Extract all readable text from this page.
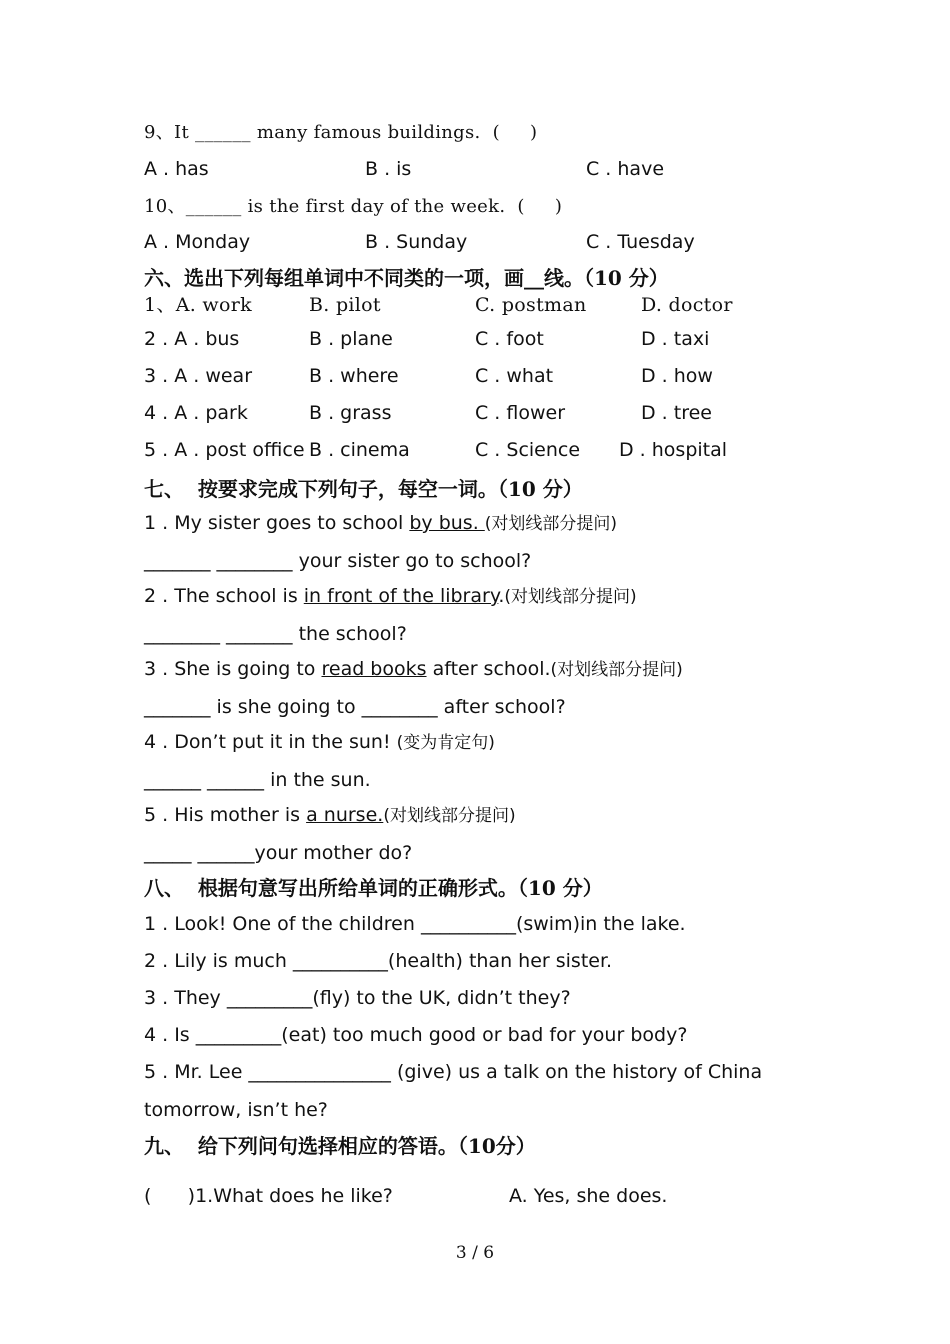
9、It ______ many famous buildings.  (     )
A . has	B . is	C . have
10、______ is the first day of the week.  (     )
A . Monday	B . Sunday	C . Tuesday
六、选出下列每组单词中不同类的一项，画__线。（10 分）
1、A. work	B. pilot	C. postman	D. doctor
2 . A . bus	B . plane	C . foot	D . taxi
3 . A . wear	B . where	C . what	D . how
4 . A . park	B . grass	C . flower	D . tree
5 . A . post office B . cinema	C . Science D . hospital
七、  按要求完成下列句子，每空一词。（10 分）
1 . My sister goes to school by bus. (对划线部分提问)
_______ ________ your sister go to school?
2 . The school is in front of the library.(对划线部分提问)
________ _______ the school?
3 . She is going to read books after school.(对划线部分提问)
_______ is she going to ________ after school?
4 . Don’t put it in the sun! (变为肯定句)
______ ______ in the sun.
5 . His mother is a nurse.(对划线部分提问)
_____ ______your mother do?
八、  根据句意写出所给单词的正确形式。（10 分）
1 . Look! One of the children __________(swim)in the lake.
2 . Lily is much __________(health) than her sister.
3 . They _________(fly) to the UK, didn’t they?
4 . Is _________(eat) too much good or bad for your body?
5 . Mr. Lee _______________ (give) us a talk on the history of China
tomorrow, isn’t he?
九、  给下列问句选择相应的答语。（10分）
(      )1.What does he like?	A. Yes, she does.
3 / 6
